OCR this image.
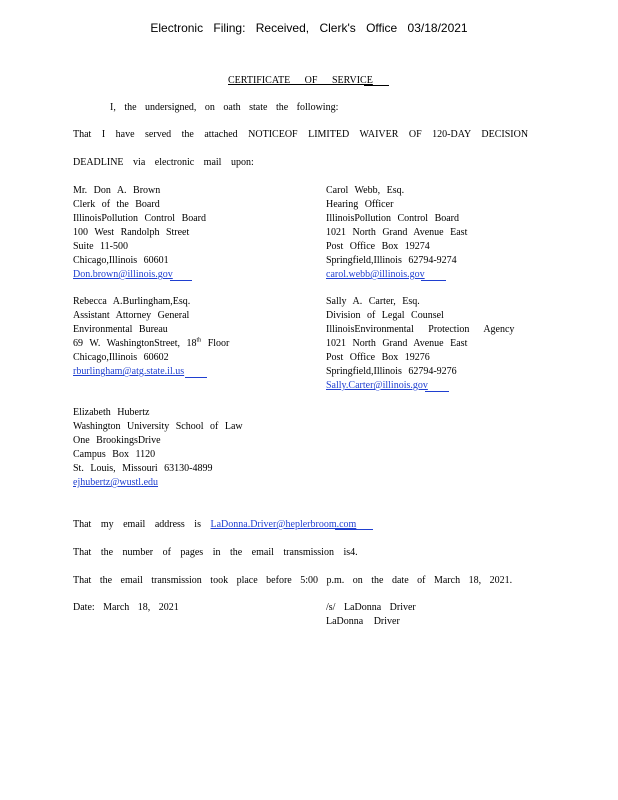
Electronic Filing: Received, Clerk's Office 03/18/2021
CERTIFICATE OF SERVICE
I, the undersigned, on oath state the following:
That I have served the attached NOTICEOF LIMITED WAIVER OF 120-DAY DECISION
DEADLINE via electronic mail upon:
Mr. Don A. Brown
Clerk of the Board
IllinoisPollution Control Board
100 West Randolph Street
Suite 11-500
Chicago,Illinois 60601
Don.brown@illinois.gov
Carol Webb, Esq.
Hearing Officer
IllinoisPollution Control Board
1021 North Grand Avenue East
Post Office Box 19274
Springfield,Illinois 62794-9274
carol.webb@illinois.gov
Rebecca A.Burlingham,Esq.
Assistant Attorney General
Environmental Bureau
69 W. WashingtonStreet, 18th Floor
Chicago,Illinois 60602
rburlingham@atg.state.il.us
Sally A. Carter, Esq.
Division of Legal Counsel
IllinoisEnvironmental Protection Agency
1021 North Grand Avenue East
Post Office Box 19276
Springfield,Illinois 62794-9276
Sally.Carter@illinois.gov
Elizabeth Hubertz
Washington University School of Law
One BrookingsDrive
Campus Box 1120
St. Louis, Missouri 63130-4899
ejhubertz@wustl.edu
That my email address is LaDonna.Driver@heplerbroom.com
That the number of pages in the email transmission is4.
That the email transmission took place before 5:00 p.m. on the date of March 18, 2021.
Date: March 18, 2021	/s/ LaDonna Driver
LaDonna Driver
